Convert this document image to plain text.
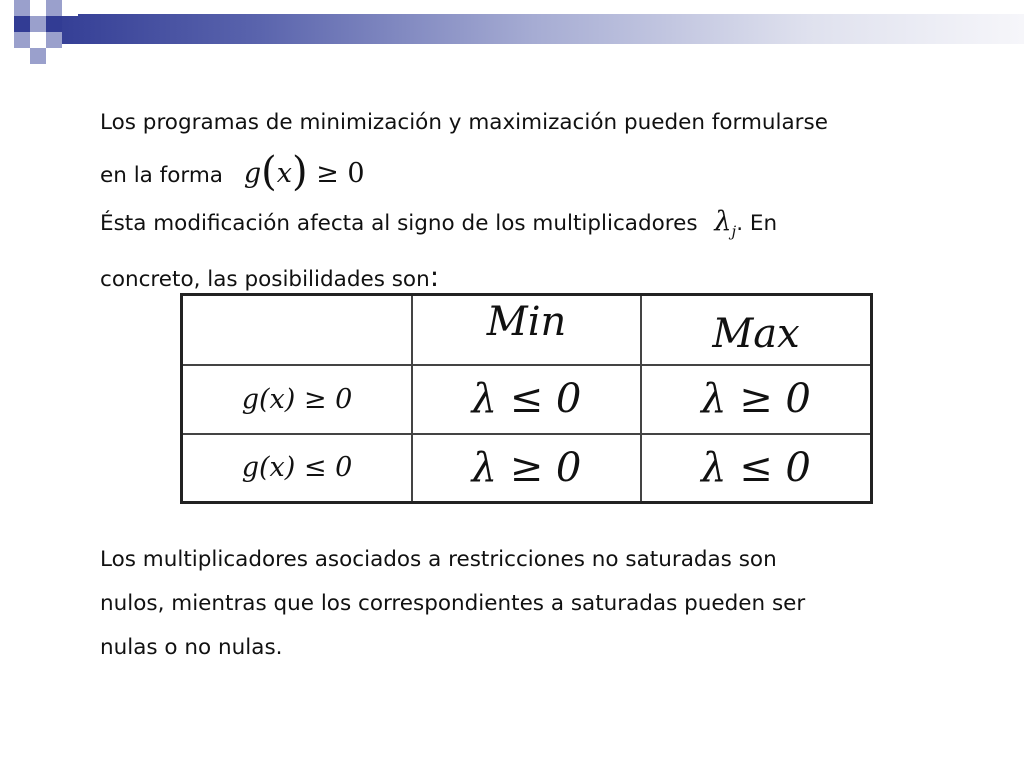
Los programas de minimización y maximización pueden formularse
en la forma g(x) ≥ 0
Ésta modificación afecta al signo de los multiplicadores $\lambda_j$. En
concreto, las posibilidades son:
	Min	Max
g(x) ≥ 0	λ ≤ 0	λ ≥ 0
g(x) ≤ 0	λ ≥ 0	λ ≤ 0
Los multiplicadores asociados a restricciones no saturadas son
nulos, mientras que los correspondientes a saturadas pueden ser
nulas o no nulas.
